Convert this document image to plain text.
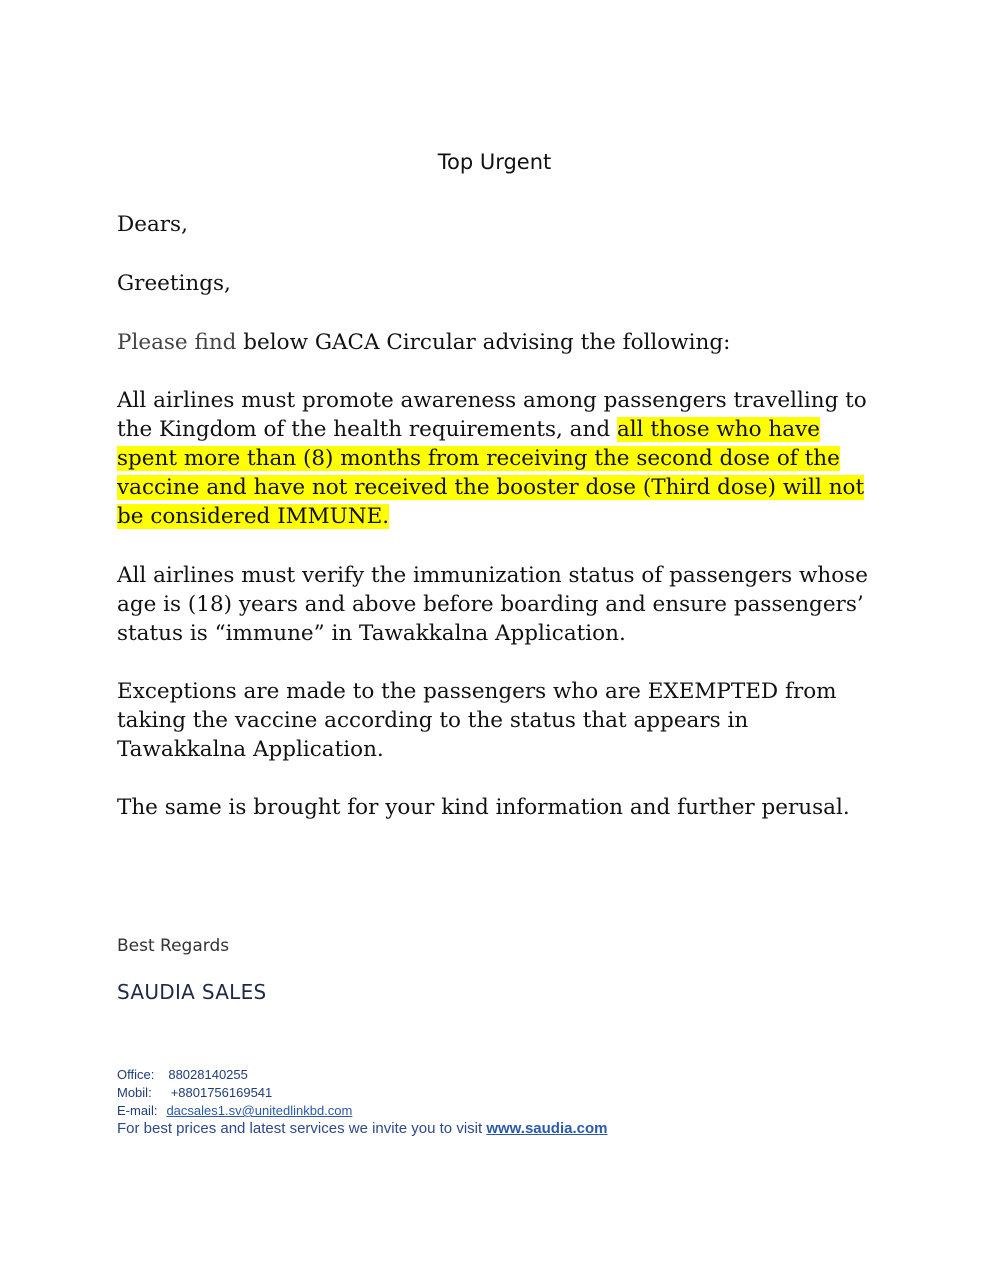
Top Urgent

Dears,

Greetings,

Please find below GACA Circular advising the following:

All airlines must promote awareness among passengers travelling to the Kingdom of the health requirements, and all those who have spent more than (8) months from receiving the second dose of the vaccine and have not received the booster dose (Third dose) will not be considered IMMUNE.

All airlines must verify the immunization status of passengers whose age is (18) years and above before boarding and ensure passengers’ status is “immune” in Tawakkalna Application.

Exceptions are made to the passengers who are EXEMPTED from taking the vaccine according to the status that appears in Tawakkalna Application.

The same is brought for your kind information and further perusal.

Best Regards
SAUDIA SALES
Office: 88028140255
Mobil: +8801756169541
E-mail: dacsales1.sv@unitedlinkbd.com
For best prices and latest services we invite you to visit www.saudia.com
